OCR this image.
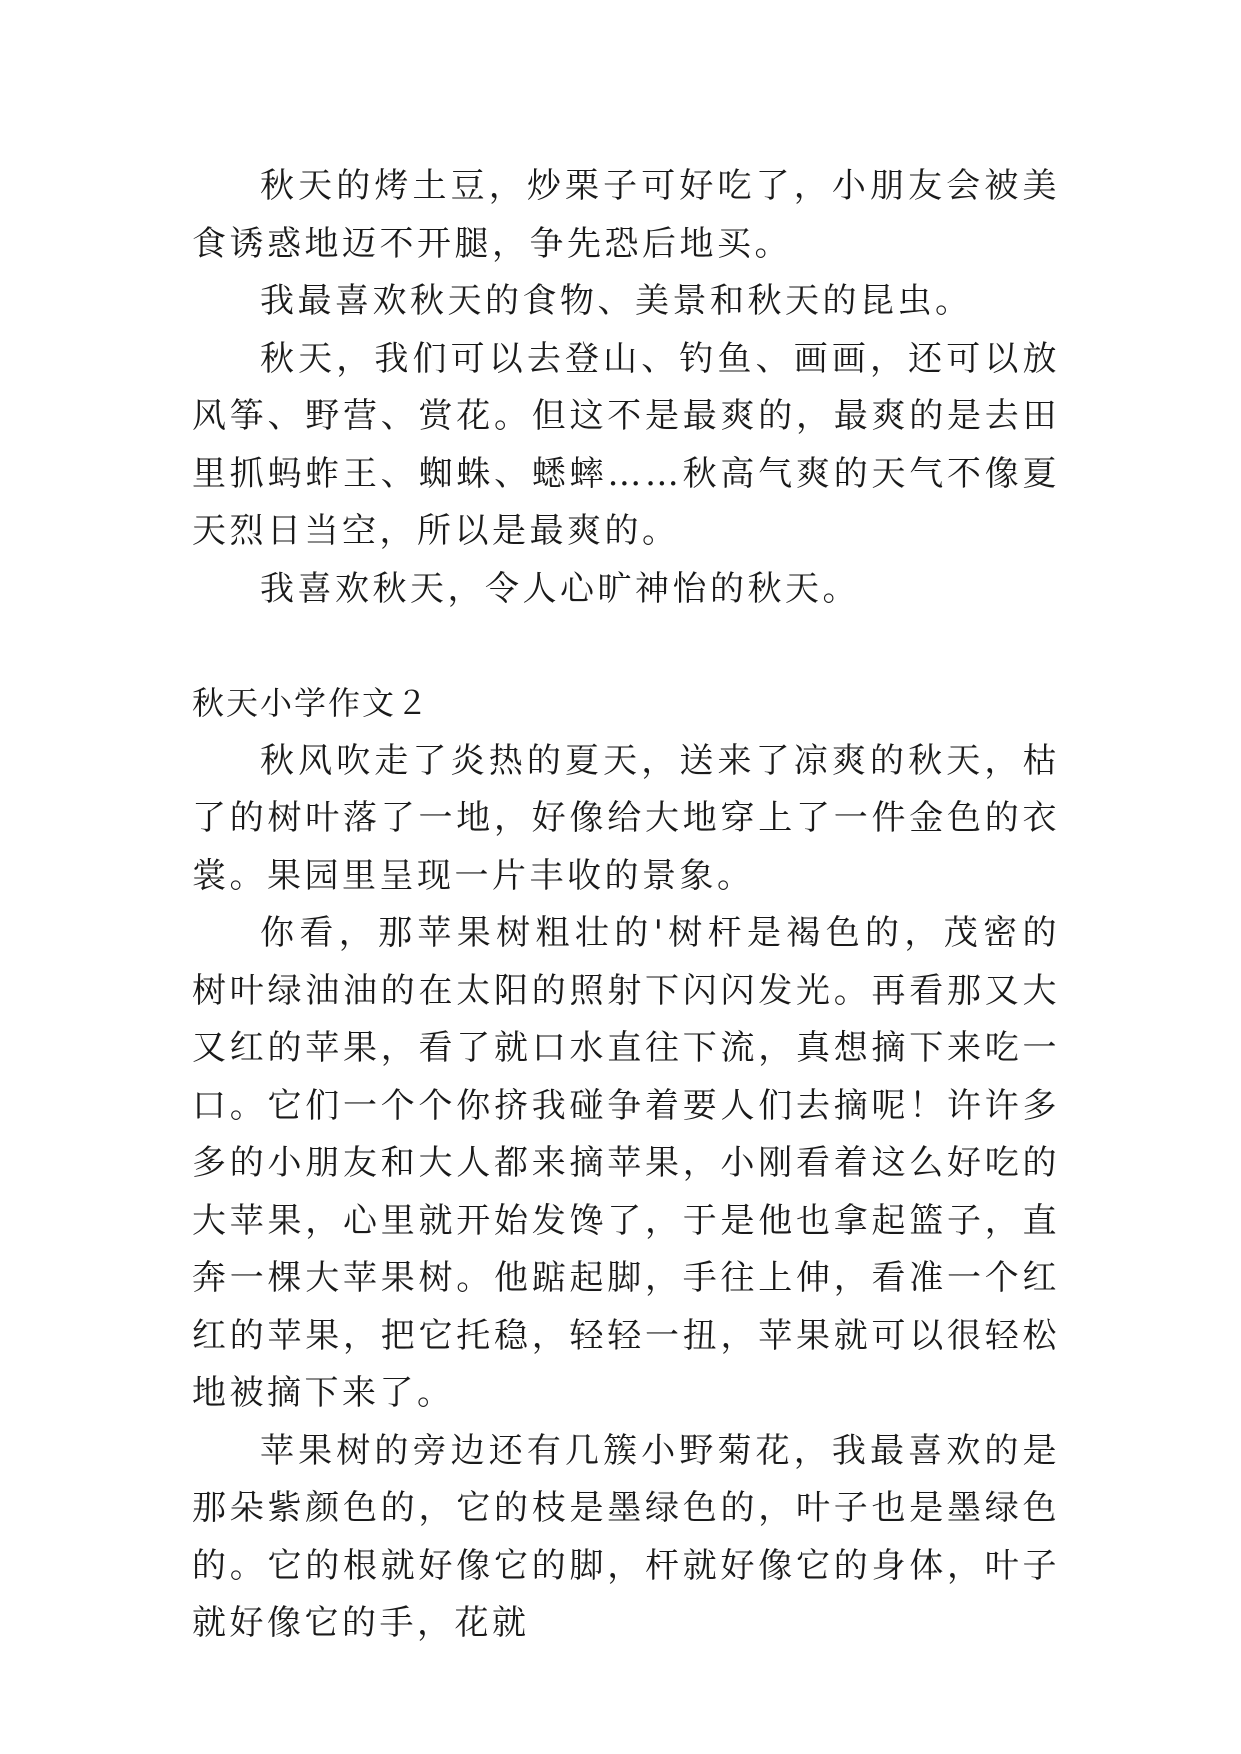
秋天的烤土豆，炒栗子可好吃了，小朋友会被美食诱惑地迈不开腿，争先恐后地买。

我最喜欢秋天的食物、美景和秋天的昆虫。

秋天，我们可以去登山、钓鱼、画画，还可以放风筝、野营、赏花。但这不是最爽的，最爽的是去田里抓蚂蚱王、蜘蛛、蟋蟀……秋高气爽的天气不像夏天烈日当空，所以是最爽的。

我喜欢秋天，令人心旷神怡的秋天。

秋天小学作文２

秋风吹走了炎热的夏天，送来了凉爽的秋天，枯了的树叶落了一地，好像给大地穿上了一件金色的衣裳。果园里呈现一片丰收的景象。

你看，那苹果树粗壮的'树杆是褐色的，茂密的树叶绿油油的在太阳的照射下闪闪发光。再看那又大又红的苹果，看了就口水直往下流，真想摘下来吃一口。它们一个个你挤我碰争着要人们去摘呢！许许多多的小朋友和大人都来摘苹果，小刚看着这么好吃的大苹果，心里就开始发馋了，于是他也拿起篮子，直奔一棵大苹果树。他踮起脚，手往上伸，看准一个红红的苹果，把它托稳，轻轻一扭，苹果就可以很轻松地被摘下来了。

苹果树的旁边还有几簇小野菊花，我最喜欢的是那朵紫颜色的，它的枝是墨绿色的，叶子也是墨绿色的。它的根就好像它的脚，杆就好像它的身体，叶子就好像它的手，花就
